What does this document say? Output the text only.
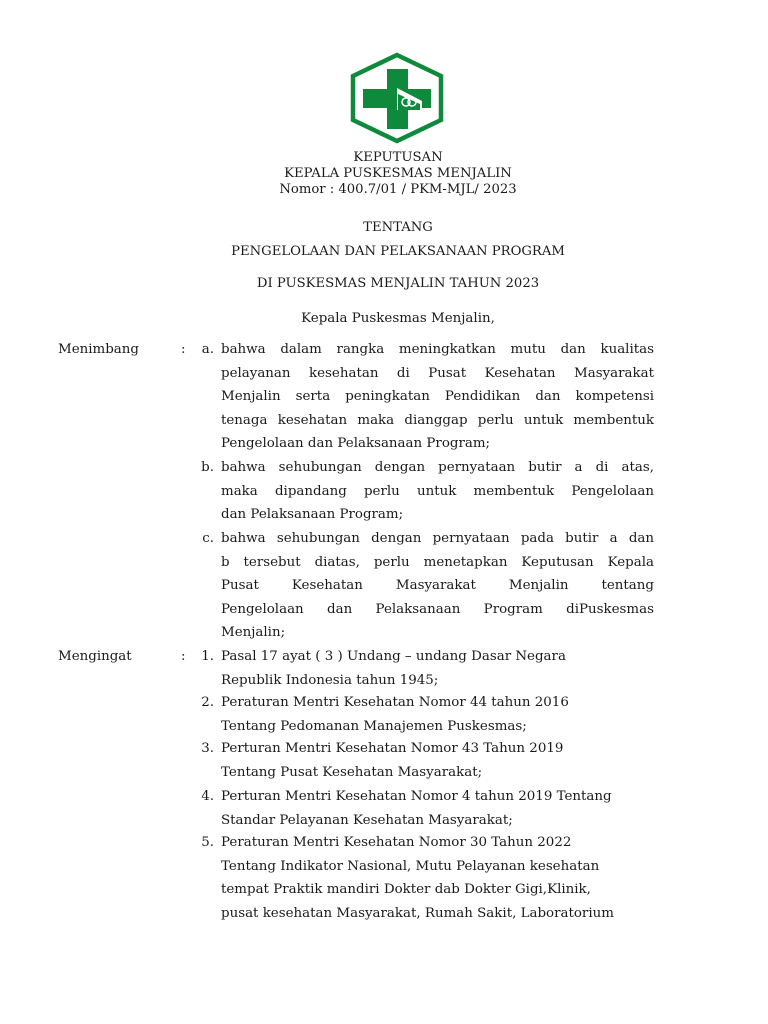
KEPUTUSAN
KEPALA PUSKESMAS MENJALIN
Nomor : 400.7/01 / PKM-MJL/ 2023
TENTANG
PENGELOLAAN DAN PELAKSANAAN PROGRAM
DI PUSKESMAS MENJALIN TAHUN 2023
Kepala Puskesmas Menjalin,
Menimbang	:	a. bahwa dalam rangka meningkatkan mutu dan kualitas
pelayanan kesehatan di Pusat Kesehatan Masyarakat
Menjalin serta peningkatan Pendidikan dan kompetensi
tenaga kesehatan maka dianggap perlu untuk membentuk
Pengelolaan dan Pelaksanaan Program;
b. bahwa sehubungan dengan pernyataan butir a di atas,
maka dipandang perlu untuk membentuk Pengelolaan
dan Pelaksanaan Program;
c. bahwa sehubungan dengan pernyataan pada butir a dan
b tersebut diatas, perlu menetapkan Keputusan Kepala
Pusat Kesehatan Masyarakat Menjalin tentang
Pengelolaan dan Pelaksanaan Program diPuskesmas
Menjalin;
Mengingat	:	1. Pasal 17 ayat ( 3 ) Undang – undang Dasar Negara
Republik Indonesia tahun 1945;
2. Peraturan Mentri Kesehatan Nomor 44 tahun 2016
Tentang Pedomanan Manajemen Puskesmas;
3. Perturan Mentri Kesehatan Nomor 43 Tahun 2019
Tentang Pusat Kesehatan Masyarakat;
4. Perturan Mentri Kesehatan Nomor 4 tahun 2019 Tentang
Standar Pelayanan Kesehatan Masyarakat;
5. Peraturan Mentri Kesehatan Nomor 30 Tahun 2022
Tentang Indikator Nasional, Mutu Pelayanan kesehatan
tempat Praktik mandiri Dokter dab Dokter Gigi,Klinik,
pusat kesehatan Masyarakat, Rumah Sakit, Laboratorium
